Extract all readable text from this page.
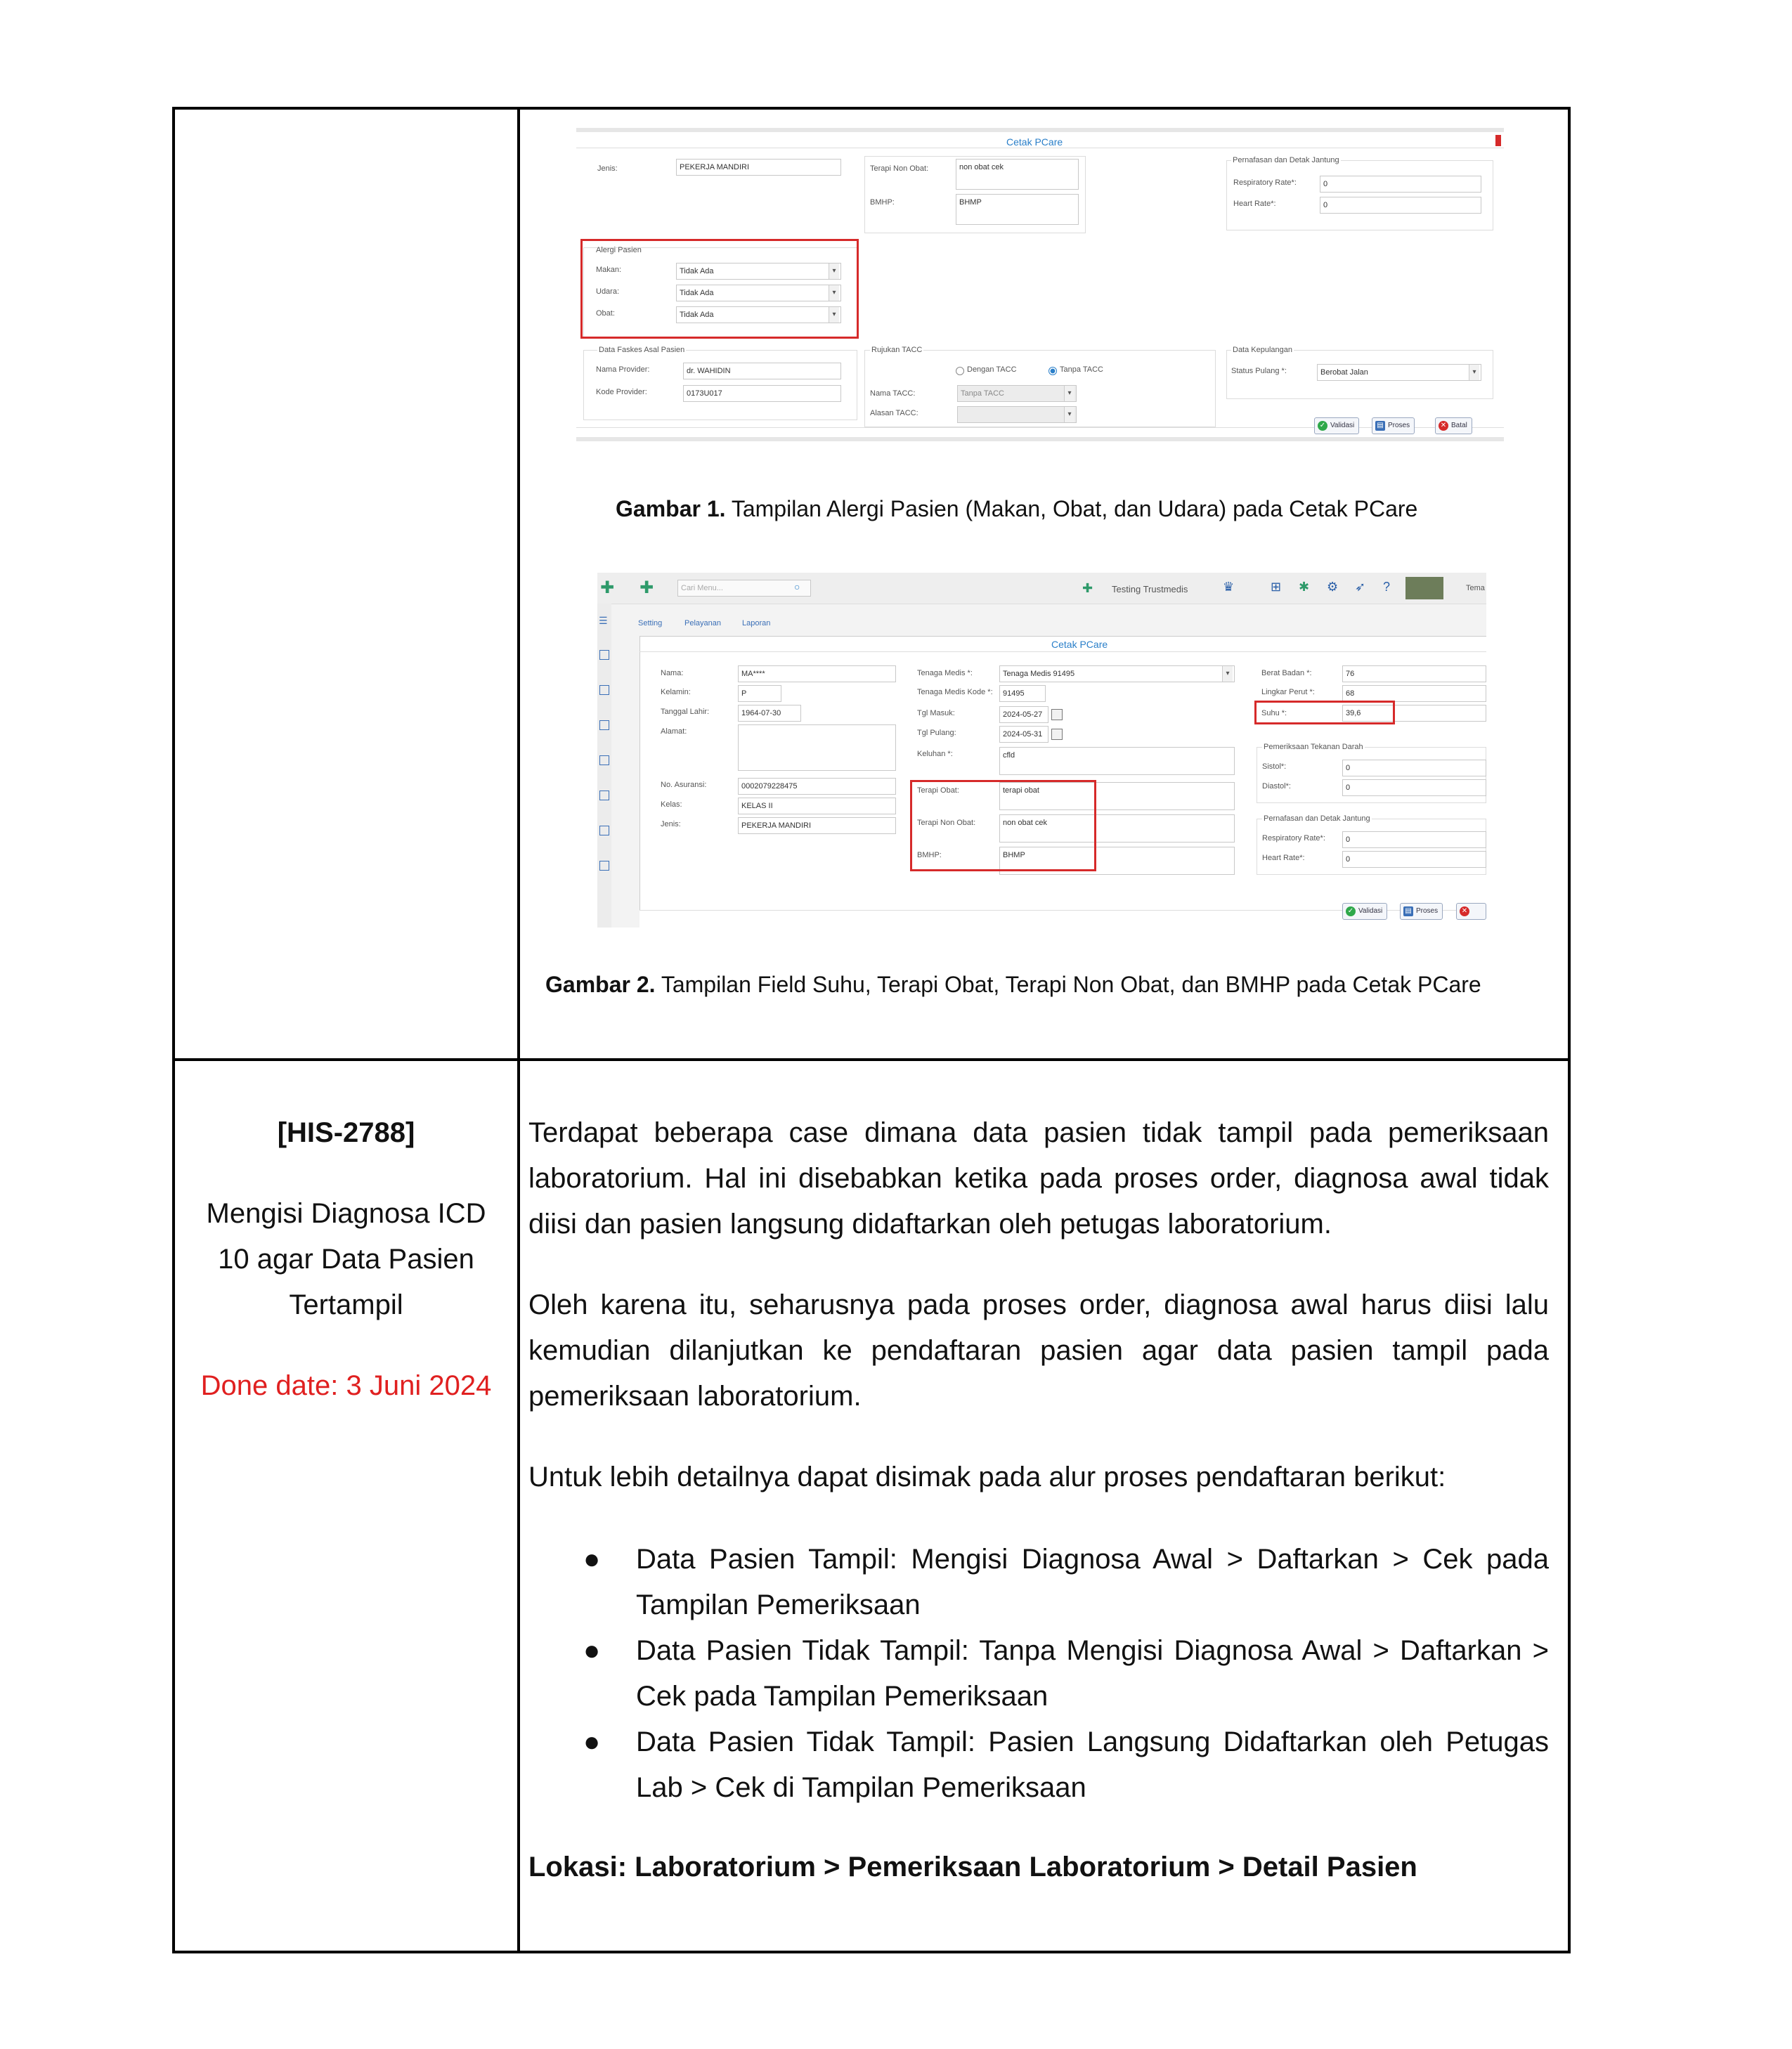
Cetak PCare
Jenis:	PEKERJA MANDIRI	Terapi Non Obat:	non obat cek
BMHP:	BHMP
Pernafasan dan Detak Jantung
Respiratory Rate*:	0
Heart Rate*:	0
Alergi Pasien
Makan:	Tidak Ada ▾
Udara:	Tidak Ada ▾
Obat:	Tidak Ada ▾
Data Faskes Asal Pasien
Nama Provider:	dr. WAHIDIN
Kode Provider:	0173U017
Rujukan TACC
Dengan TACC	Tanpa TACC
Nama TACC:	Tanpa TACC ▾
Alasan TACC:
▾
Data Kepulangan
Status Pulang *:	Berobat Jalan ▾
✓ Validasi	▤ Proses	✕ Batal
Gambar 1. Tampilan Alergi Pasien (Makan, Obat, dan Udara) pada Cetak PCare
✚ ✚	Cari Menu...	○	✚ Testing Trustmedis	♛	⊞ ✱ ⚙ ➶ ?	Tema
☰	Setting	Pelayanan	Laporan
Cetak PCare
Nama:	MA****
Kelamin:	P
Tanggal Lahir:	1964-07-30
Alamat:
No. Asuransi:	0002079228475
Kelas:	KELAS II
Jenis:	PEKERJA MANDIRI
Tenaga Medis *:	Tenaga Medis 91495 ▾
Tenaga Medis Kode *:	91495
Tgl Masuk:	2024-05-27
Tgl Pulang:	2024-05-31
Keluhan *:	cfld
Terapi Obat:	terapi obat
Terapi Non Obat:	non obat cek
BMHP:	BHMP
Berat Badan *:	76
Lingkar Perut *:	68
Suhu *:	39,6
Pemeriksaan Tekanan Darah
Sistol*:	0
Diastol*:	0
Pernafasan dan Detak Jantung
Respiratory Rate*:	0
Heart Rate*:	0
✓ Validasi	▤ Proses	✕
Gambar 2. Tampilan Field Suhu, Terapi Obat, Terapi Non Obat, dan BMHP pada Cetak PCare
[HIS-2788]
Mengisi Diagnosa ICD
10 agar Data Pasien
Tertampil
Done date: 3 Juni 2024
Terdapat beberapa case dimana data pasien tidak tampil pada pemeriksaan laboratorium. Hal ini disebabkan ketika pada proses order, diagnosa awal tidak diisi dan pasien langsung didaftarkan oleh petugas laboratorium.
Oleh karena itu, seharusnya pada proses order, diagnosa awal harus diisi lalu kemudian dilanjutkan ke pendaftaran pasien agar data pasien tampil pada pemeriksaan laboratorium.
Untuk lebih detailnya dapat disimak pada alur proses pendaftaran berikut:
● Data Pasien Tampil: Mengisi Diagnosa Awal > Daftarkan > Cek pada Tampilan Pemeriksaan
● Data Pasien Tidak Tampil: Tanpa Mengisi Diagnosa Awal > Daftarkan > Cek pada Tampilan Pemeriksaan
● Data Pasien Tidak Tampil: Pasien Langsung Didaftarkan oleh Petugas Lab > Cek di Tampilan Pemeriksaan
Lokasi: Laboratorium > Pemeriksaan Laboratorium > Detail Pasien
